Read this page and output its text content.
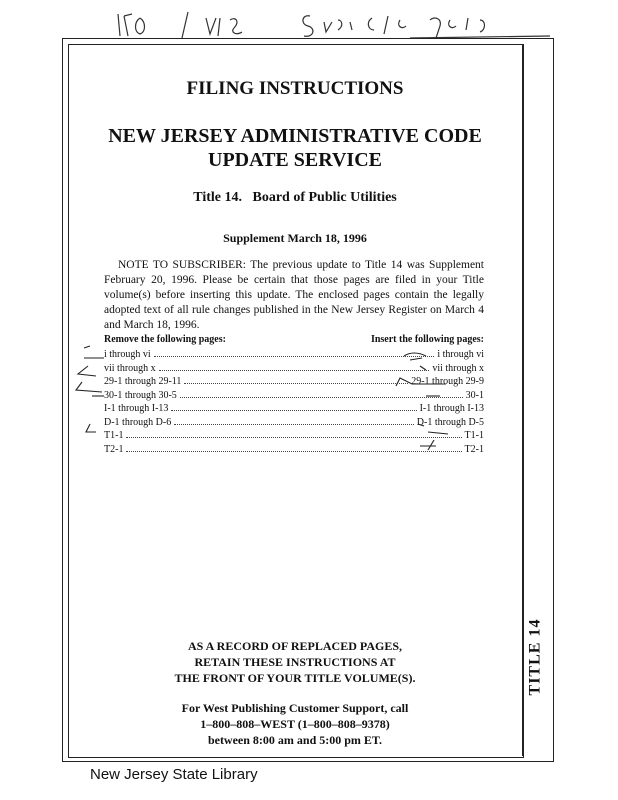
TITLE 14
FILING INSTRUCTIONS
NEW JERSEY ADMINISTRATIVE CODE
UPDATE SERVICE
Title 14.   Board of Public Utilities
Supplement March 18, 1996
NOTE TO SUBSCRIBER: The previous update to Title 14 was Supplement February 20, 1996. Please be certain that those pages are filed in your Title volume(s) before inserting this update. The enclosed pages contain the legally adopted text of all rule changes published in the New Jersey Register on March 4 and March 18, 1996.
Remove the following pages:	Insert the following pages:
i through vi	i through vi
vii through x	vii through x
29-1 through 29-11	29-1 through 29-9
30-1 through 30-5	30-1
I-1 through I-13	I-1 through I-13
D-1 through D-6	D-1 through D-5
T1-1	T1-1
T2-1	T2-1
AS A RECORD OF REPLACED PAGES,
RETAIN THESE INSTRUCTIONS AT
THE FRONT OF YOUR TITLE VOLUME(S).
For West Publishing Customer Support, call
1–800–808–WEST (1–800–808–9378)
between 8:00 am and 5:00 pm ET.
New Jersey State Library
